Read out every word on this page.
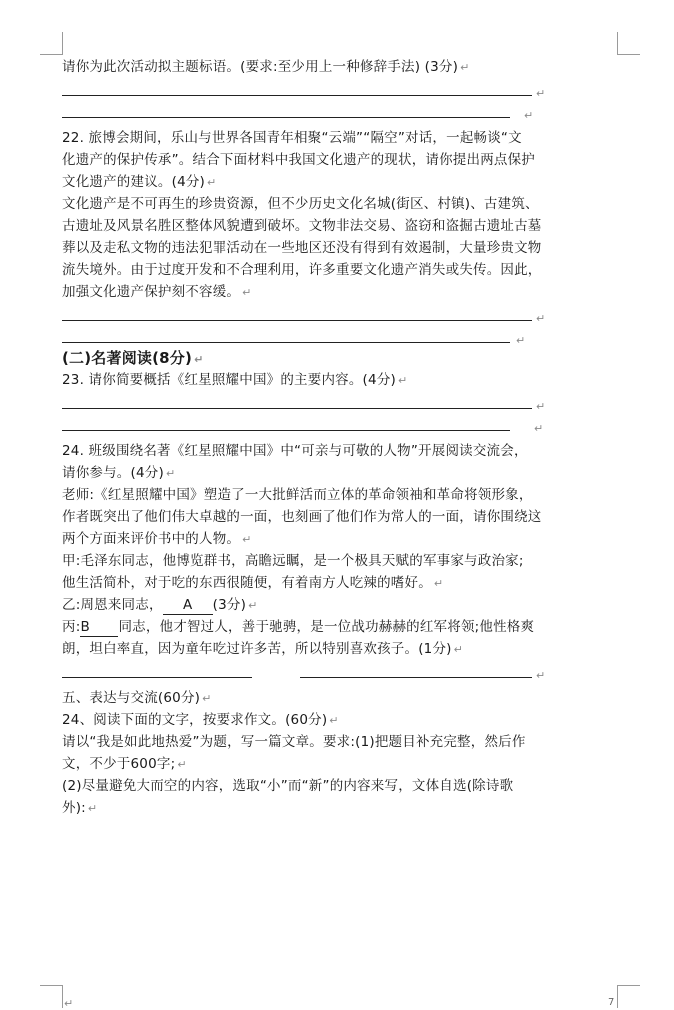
请你为此次活动拟主题标语。(要求:至少用上一种修辞手法) (3分) ↵
↵
↵
22. 旅博会期间，乐山与世界各国青年相聚“云端”“隔空”对话，一起畅谈“文
化遗产的保护传承”。结合下面材料中我国文化遗产的现状，请你提出两点保护
文化遗产的建议。(4分) ↵
文化遗产是不可再生的珍贵资源，但不少历史文化名城(街区、村镇)、古建筑、
古遗址及风景名胜区整体风貌遭到破坏。文物非法交易、盗窃和盗掘古遗址古墓
葬以及走私文物的违法犯罪活动在一些地区还没有得到有效遏制，大量珍贵文物
流失境外。由于过度开发和不合理利用，许多重要文化遗产消失或失传。因此，
加强文化遗产保护刻不容缓。 ↵
↵
↵
(二)名著阅读(8分) ↵
23. 请你简要概括《红星照耀中国》的主要内容。(4分) ↵
↵
↵
24. 班级围绕名著《红星照耀中国》中“可亲与可敬的人物”开展阅读交流会，
请你参与。(4分) ↵
老师:《红星照耀中国》塑造了一大批鲜活而立体的革命领袖和革命将领形象，
作者既突出了他们伟大卓越的一面，也刻画了他们作为常人的一面，请你围绕这
两个方面来评价书中的人物。 ↵
甲:毛泽东同志，他博览群书，高瞻远瞩，是一个极具天赋的军事家与政治家;
他生活简朴，对于吃的东西很随便，有着南方人吃辣的嗜好。 ↵
乙:周恩来同志， A (3分) ↵
丙:B 同志，他才智过人，善于驰骋，是一位战功赫赫的红军将领;他性格爽
朗，坦白率直，因为童年吃过许多苦，所以特别喜欢孩子。(1分) ↵
↵
五、表达与交流(60分) ↵
24、阅读下面的文字，按要求作文。(60分) ↵
请以“我是如此地热爱”为题，写一篇文章。要求:(1)把题目补充完整，然后作
文，不少于600字; ↵
(2)尽量避免大而空的内容，选取“小”而“新”的内容来写，文体自选(除诗歌
外): ↵
↵	7
